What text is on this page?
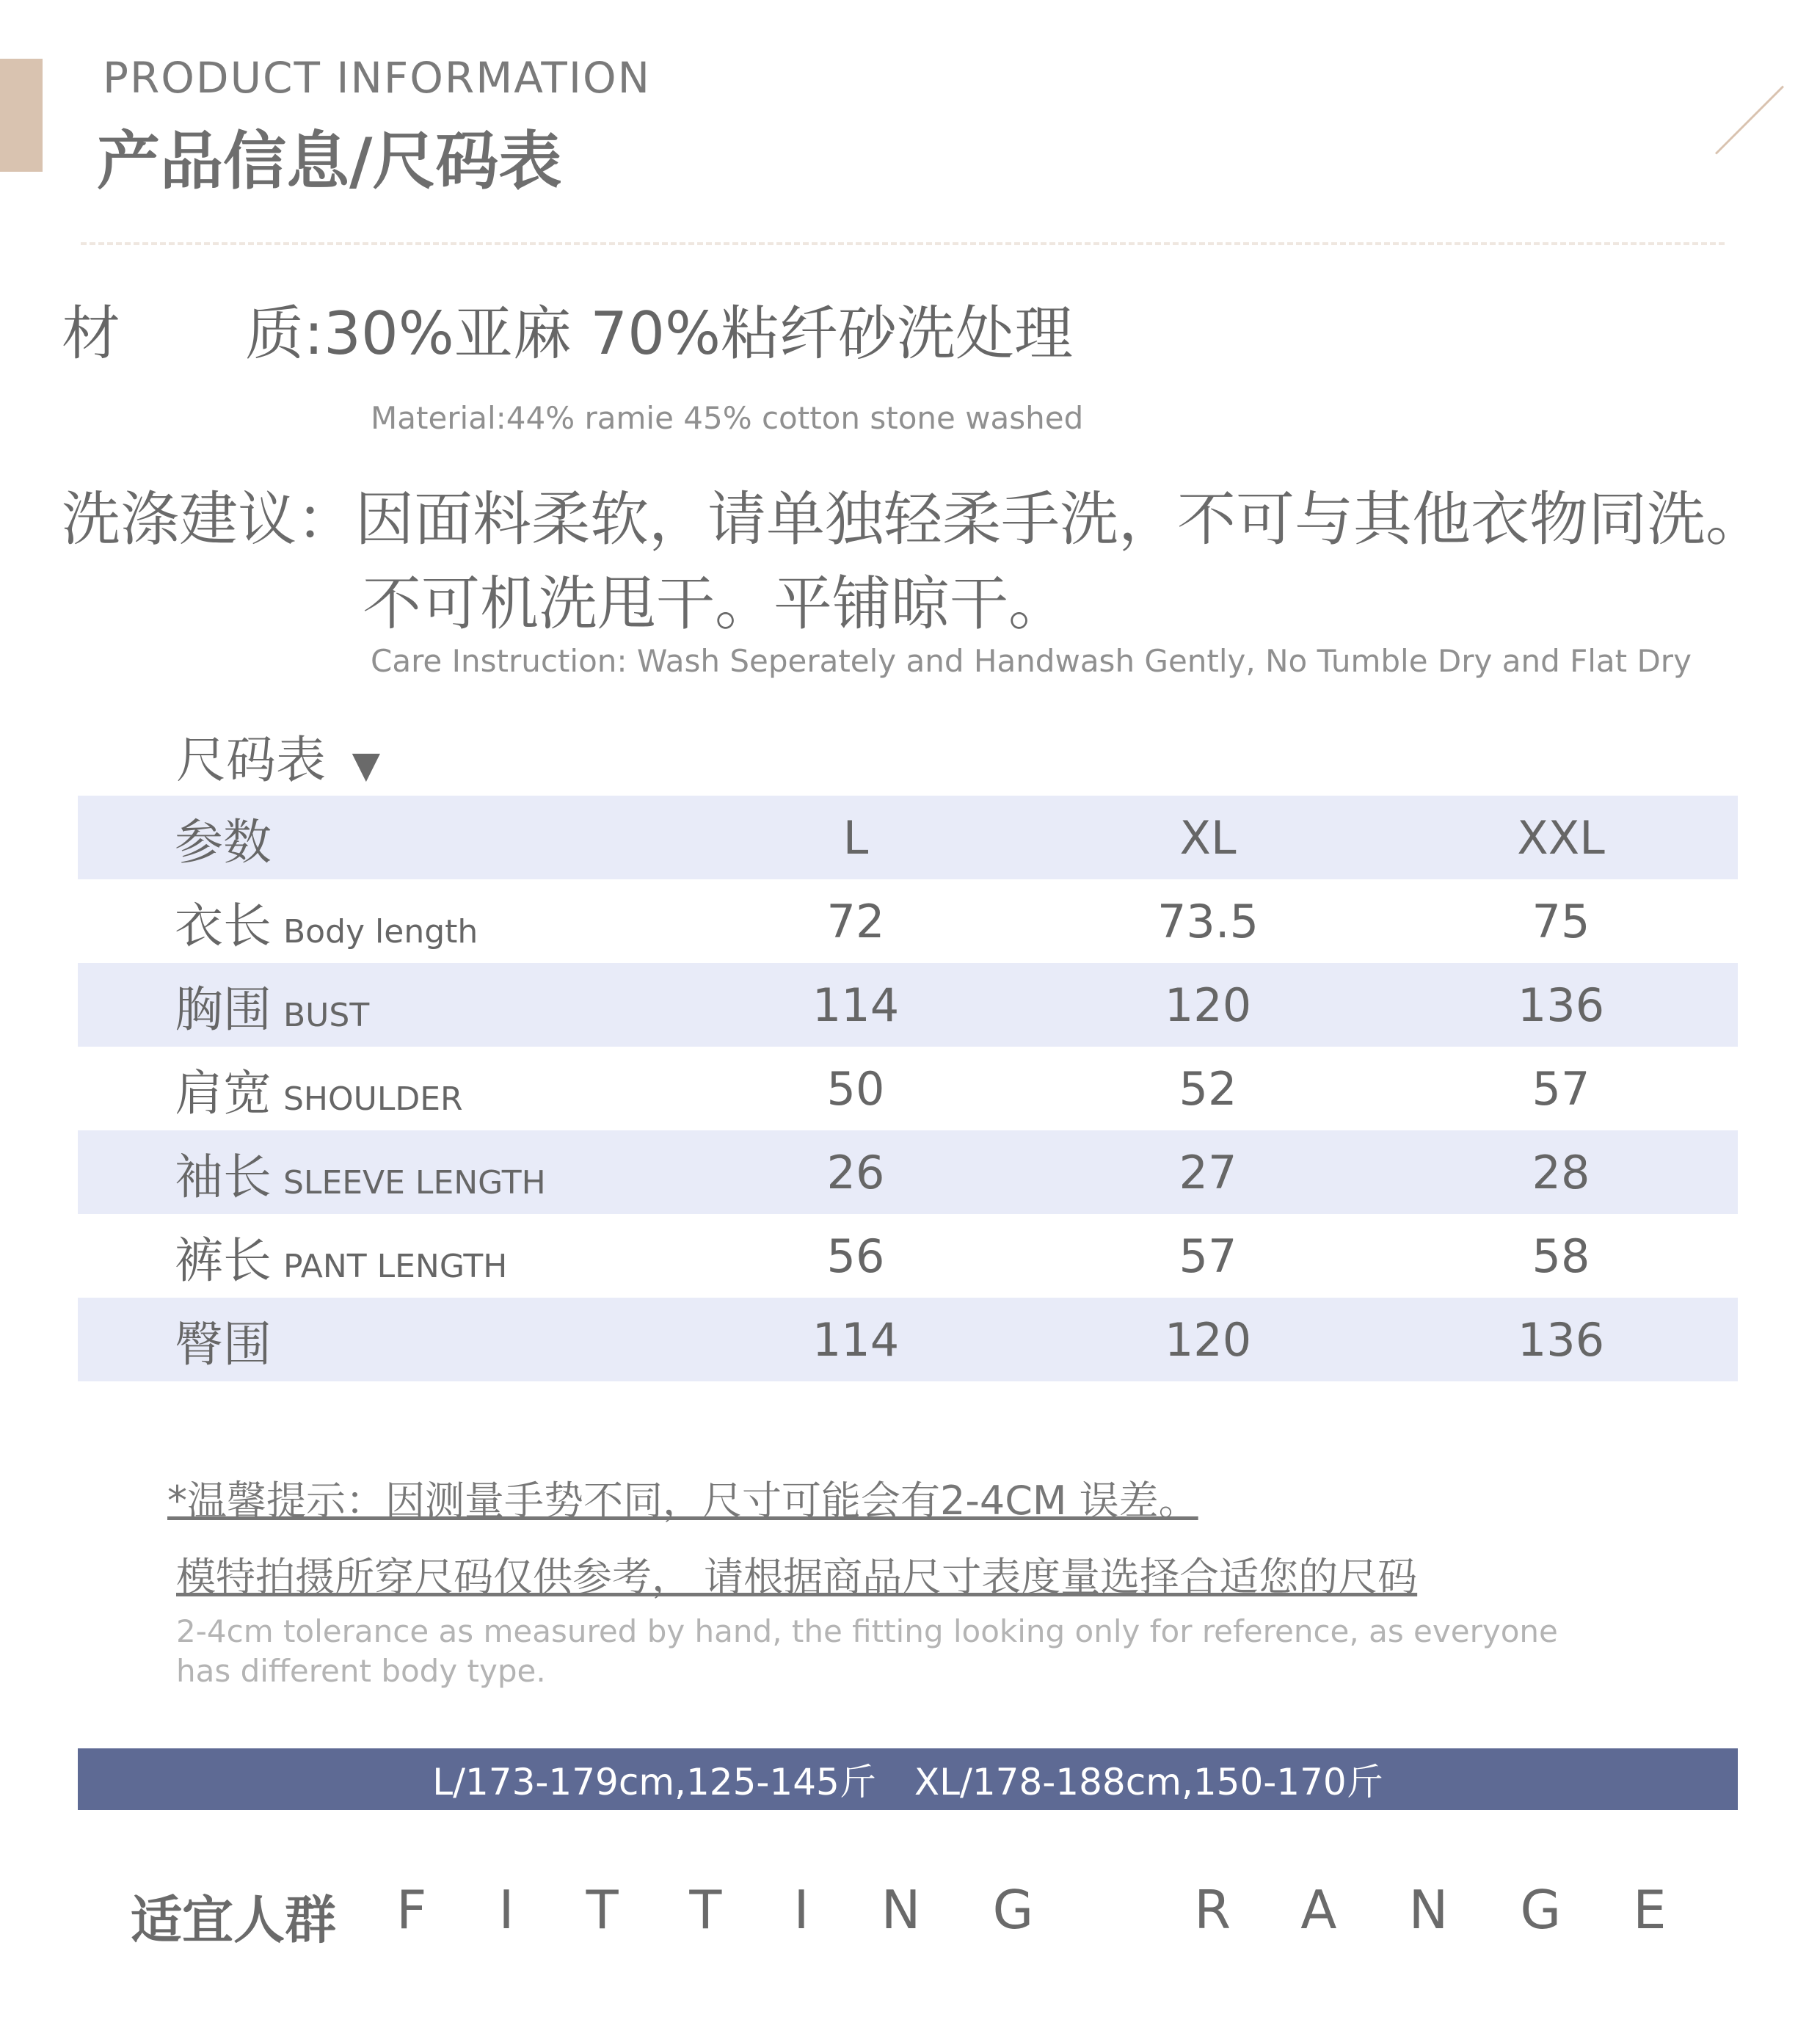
PRODUCT INFORMATION
产品信息/尺码表
材 质:30%亚麻 70%粘纤砂洗处理
Material:44% ramie 45% cotton stone washed
洗涤建议：因面料柔软，请单独轻柔手洗，不可与其他衣物同洗。
不可机洗甩干。平铺晾干。
Care Instruction: Wash Seperately and Handwash Gently, No Tumble Dry and Flat Dry
尺码表 ▼
参数	L	XL	XXL
衣长 Body length	72	73.5	75
胸围 BUST	114	120	136
肩宽 SHOULDER	50	52	57
袖长 SLEEVE LENGTH	26	27	28
裤长 PANT LENGTH	56	57	58
臀围	114	120	136
*温馨提示：因测量手势不同，尺寸可能会有2-4CM 误差。
模特拍摄所穿尺码仅供参考， 请根据商品尺寸表度量选择合适您的尺码
2-4cm tolerance as measured by hand, the fitting looking only for reference, as everyone has different body type.
L/173-179cm,125-145斤 XL/178-188cm,150-170斤
适宜人群 FITTING RANGE
